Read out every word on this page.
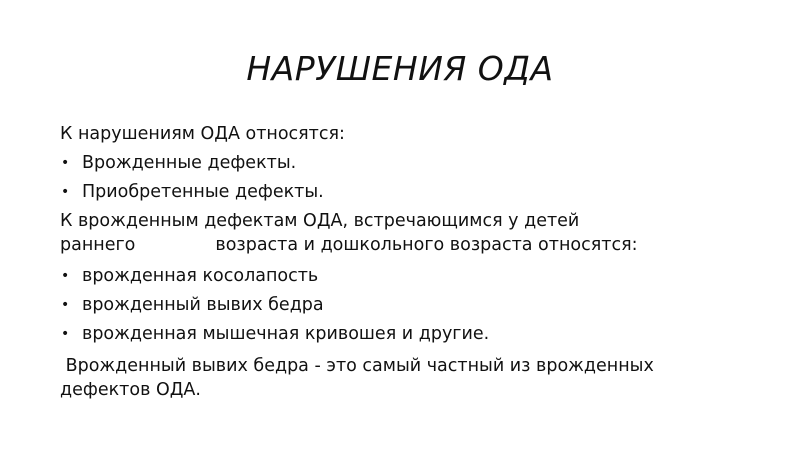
НАРУШЕНИЯ ОДА
К нарушениям ОДА относятся:
• Врожденные дефекты.
• Приобретенные дефекты.
К врожденным дефектам ОДА, встречающимся у детей
раннего	возраста и дошкольного возраста относятся:
• врожденная косолапость
• врожденный вывих бедра
• врожденная мышечная кривошея и другие.
Врожденный вывих бедра - это самый частный из врожденных дефектов ОДА.
